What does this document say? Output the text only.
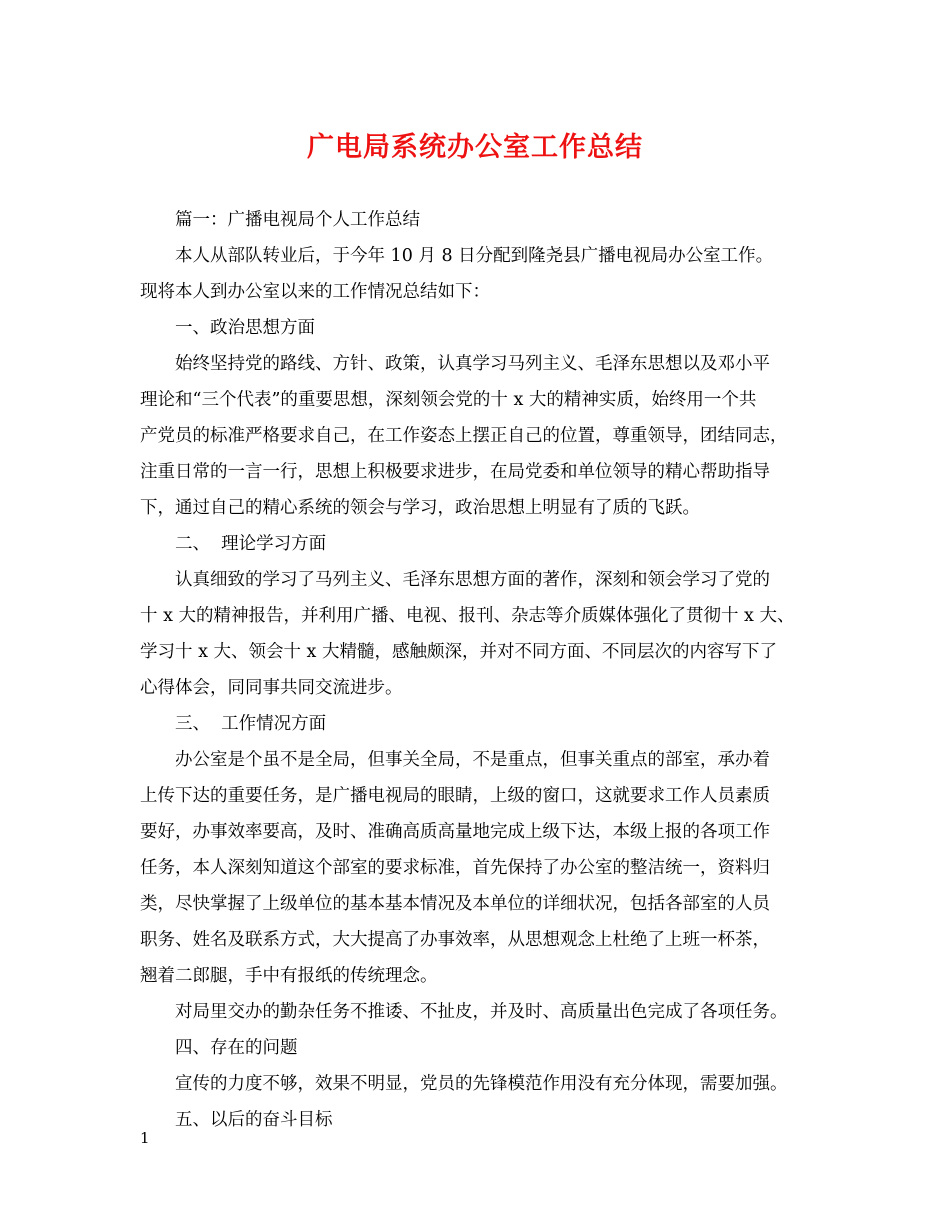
广电局系统办公室工作总结
篇一：广播电视局个人工作总结
本人从部队转业后，于今年 10 月 8 日分配到隆尧县广播电视局办公室工作。
现将本人到办公室以来的工作情况总结如下：
一、政治思想方面
始终坚持党的路线、方针、政策，认真学习马列主义、毛泽东思想以及邓小平
理论和“三个代表”的重要思想，深刻领会党的十 x 大的精神实质，始终用一个共
产党员的标准严格要求自己，在工作姿态上摆正自己的位置，尊重领导，团结同志，
注重日常的一言一行，思想上积极要求进步，在局党委和单位领导的精心帮助指导
下，通过自己的精心系统的领会与学习，政治思想上明显有了质的飞跃。
二、  理论学习方面
认真细致的学习了马列主义、毛泽东思想方面的著作，深刻和领会学习了党的
十 x 大的精神报告，并利用广播、电视、报刊、杂志等介质媒体强化了贯彻十 x 大、
学习十 x 大、领会十 x 大精髓，感触颇深，并对不同方面、不同层次的内容写下了
心得体会，同同事共同交流进步。
三、  工作情况方面
办公室是个虽不是全局，但事关全局，不是重点，但事关重点的部室，承办着
上传下达的重要任务，是广播电视局的眼睛，上级的窗口，这就要求工作人员素质
要好，办事效率要高，及时、准确高质高量地完成上级下达，本级上报的各项工作
任务，本人深刻知道这个部室的要求标准，首先保持了办公室的整洁统一，资料归
类，尽快掌握了上级单位的基本基本情况及本单位的详细状况，包括各部室的人员
职务、姓名及联系方式，大大提高了办事效率，从思想观念上杜绝了上班一杯茶，
翘着二郎腿，手中有报纸的传统理念。
对局里交办的勤杂任务不推诿、不扯皮，并及时、高质量出色完成了各项任务。
四、存在的问题
宣传的力度不够，效果不明显，党员的先锋模范作用没有充分体现，需要加强。
五、以后的奋斗目标
1
